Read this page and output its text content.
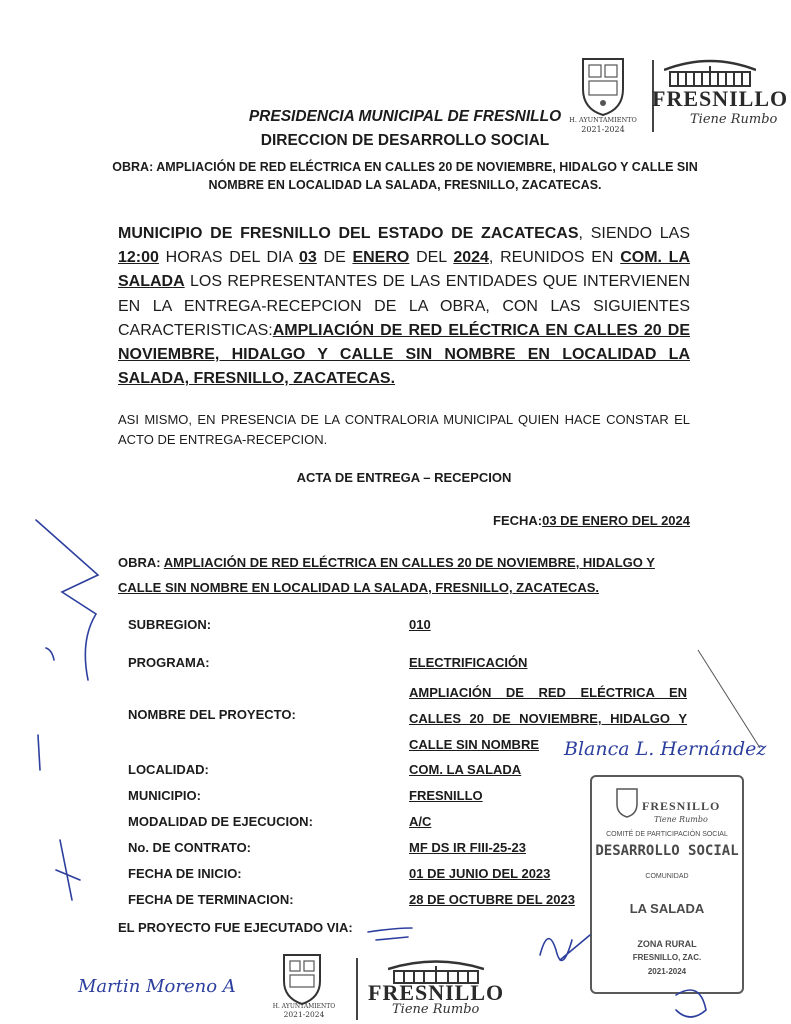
H. AYUNTAMIENTO
2021-2024
FRESNILLO
Tiene Rumbo
PRESIDENCIA MUNICIPAL DE FRESNILLO
DIRECCION DE DESARROLLO SOCIAL
OBRA: AMPLIACIÓN DE RED ELÉCTRICA EN CALLES 20 DE NOVIEMBRE, HIDALGO Y CALLE SIN NOMBRE EN LOCALIDAD LA SALADA, FRESNILLO, ZACATECAS.
MUNICIPIO DE FRESNILLO DEL ESTADO DE ZACATECAS, SIENDO LAS 12:00 HORAS DEL DIA 03 DE ENERO DEL 2024, REUNIDOS EN COM. LA SALADA LOS REPRESENTANTES DE LAS ENTIDADES QUE INTERVIENEN EN LA ENTREGA-RECEPCION DE LA OBRA, CON LAS SIGUIENTES CARACTERISTICAS:AMPLIACIÓN DE RED ELÉCTRICA EN CALLES 20 DE NOVIEMBRE, HIDALGO Y CALLE SIN NOMBRE EN LOCALIDAD LA SALADA, FRESNILLO, ZACATECAS.
ASI MISMO, EN PRESENCIA DE LA CONTRALORIA MUNICIPAL QUIEN HACE CONSTAR EL ACTO DE ENTREGA-RECEPCION.
ACTA DE ENTREGA – RECEPCION
FECHA:03 DE ENERO DEL 2024
OBRA: AMPLIACIÓN DE RED ELÉCTRICA EN CALLES 20 DE NOVIEMBRE, HIDALGO Y CALLE SIN NOMBRE EN LOCALIDAD LA SALADA, FRESNILLO, ZACATECAS.
SUBREGION:	010
PROGRAMA:	ELECTRIFICACIÓN
NOMBRE DEL PROYECTO:
AMPLIACIÓN DE RED ELÉCTRICA EN CALLES 20 DE NOVIEMBRE, HIDALGO Y CALLE SIN NOMBRE
LOCALIDAD:	COM. LA SALADA
MUNICIPIO:	FRESNILLO
MODALIDAD DE EJECUCION:	A/C
No. DE CONTRATO:	MF DS IR FIII-25-23
FECHA DE INICIO:	01 DE JUNIO DEL 2023
FECHA DE TERMINACION:	28 DE OCTUBRE DEL 2023
EL PROYECTO FUE EJECUTADO VIA:
FRESNILLO
Tiene Rumbo
COMITÉ DE PARTICIPACIÓN SOCIAL
DESARROLLO SOCIAL
COMUNIDAD
LA SALADA
ZONA RURAL
FRESNILLO, ZAC.
2021-2024
Blanca L. Hernández
Martin Moreno A
H. AYUNTAMIENTO
2021-2024
FRESNILLO
Tiene Rumbo
